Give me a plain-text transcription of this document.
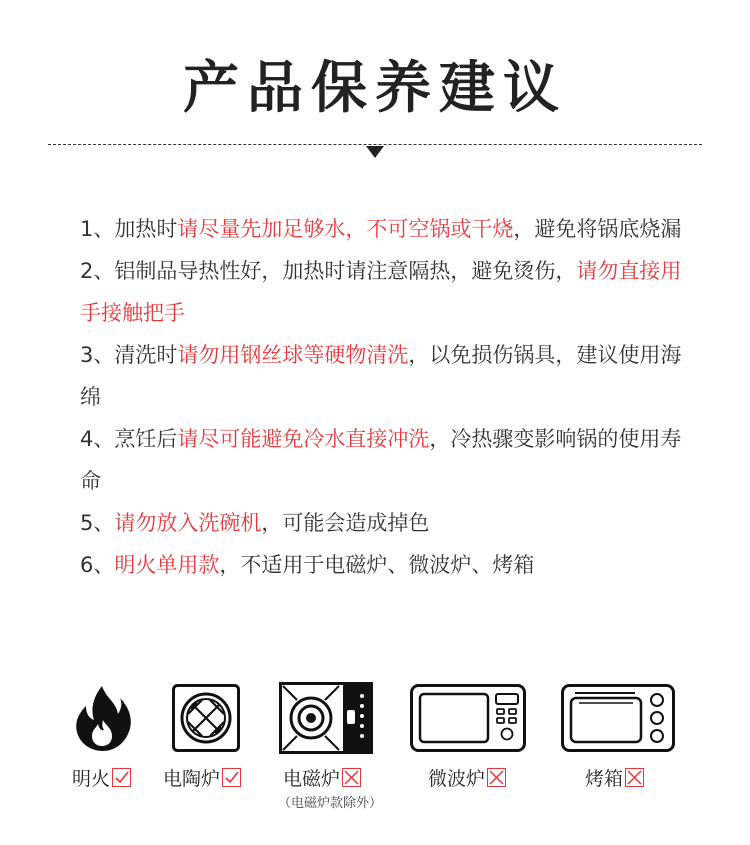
产品保养建议

1、加热时请尽量先加足够水，不可空锅或干烧，避免将锅底烧漏

2、铝制品导热性好，加热时请注意隔热，避免烫伤，请勿直接用手接触把手

3、清洗时请勿用钢丝球等硬物清洗，以免损伤锅具，建议使用海绵

4、烹饪后请尽可能避免冷水直接冲洗，冷热骤变影响锅的使用寿命

5、请勿放入洗碗机，可能会造成掉色

6、明火单用款，不适用于电磁炉、微波炉、烤箱

明火	电陶炉	电磁炉
（电磁炉款除外）
微波炉	烤箱
